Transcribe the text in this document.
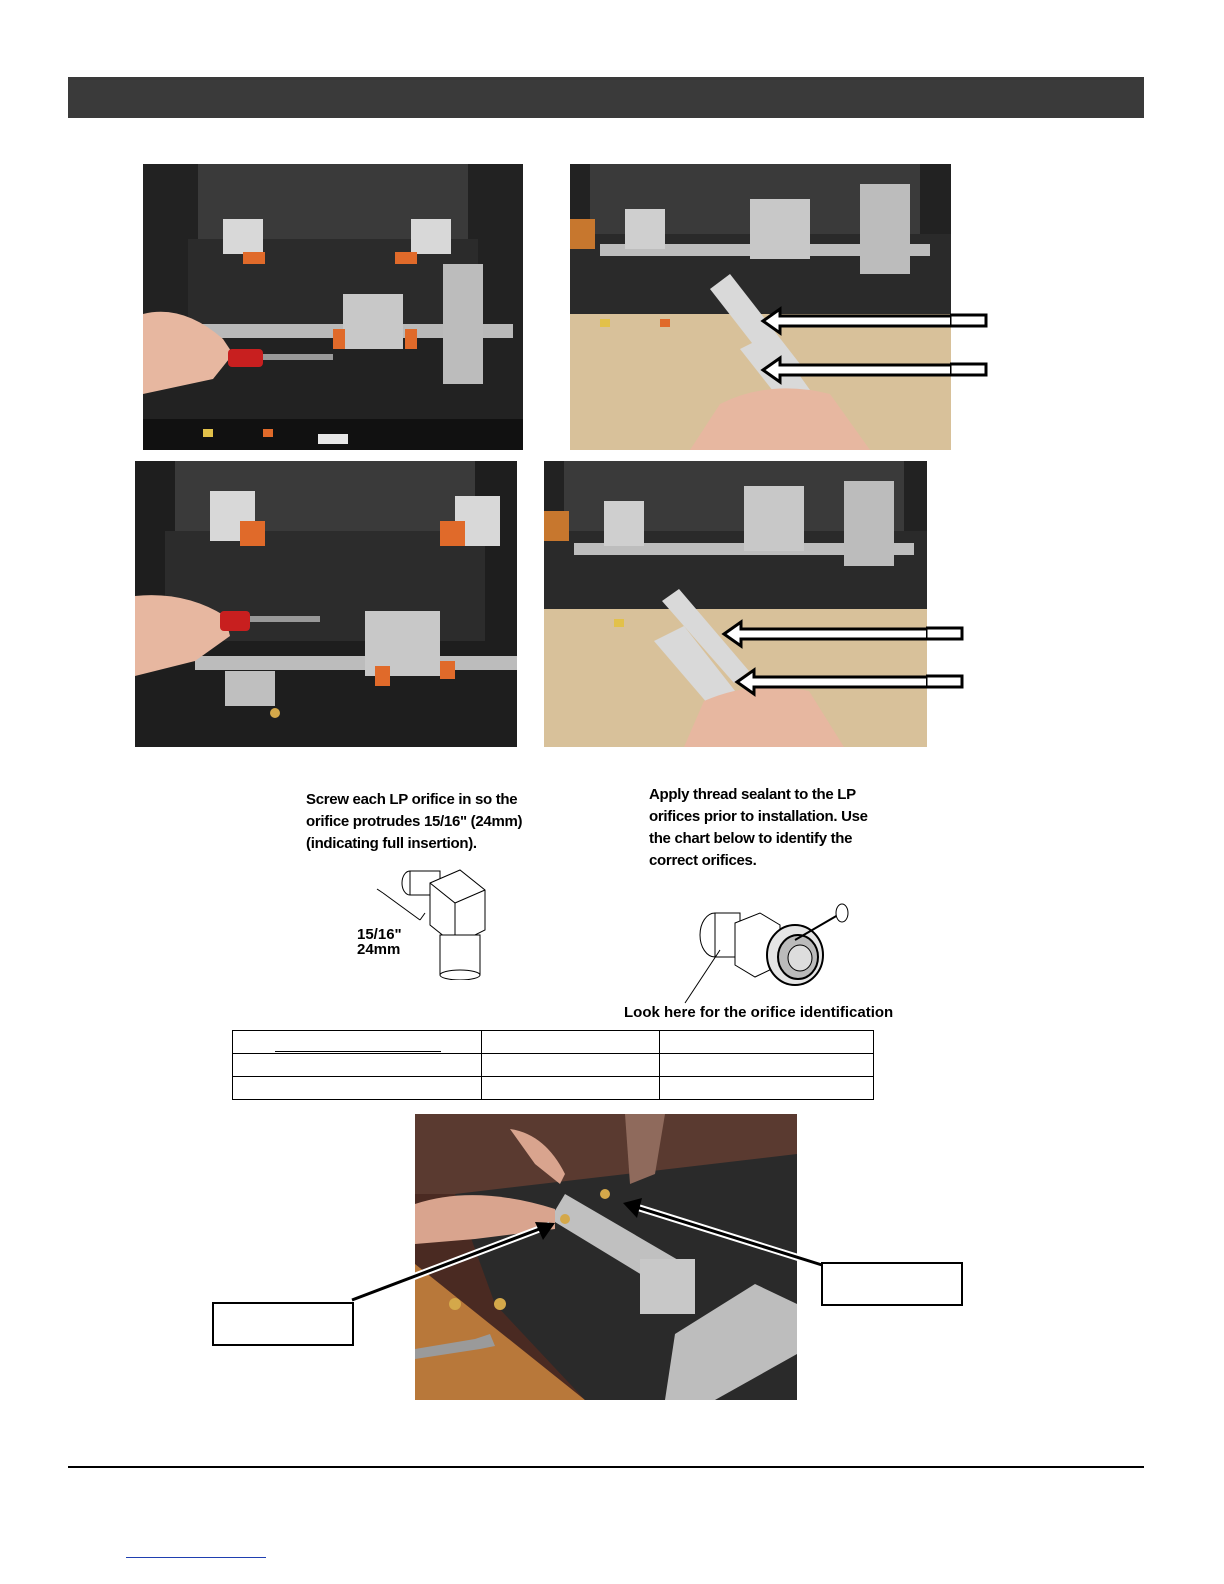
Screw each LP orifice in so the
orifice protrudes 15/16" (24mm)
(indicating full insertion).
Apply thread sealant to the LP
orifices prior to installation. Use
the chart below to identify the
correct orifices.
15/16"
24mm
Look here for the orifice identification
